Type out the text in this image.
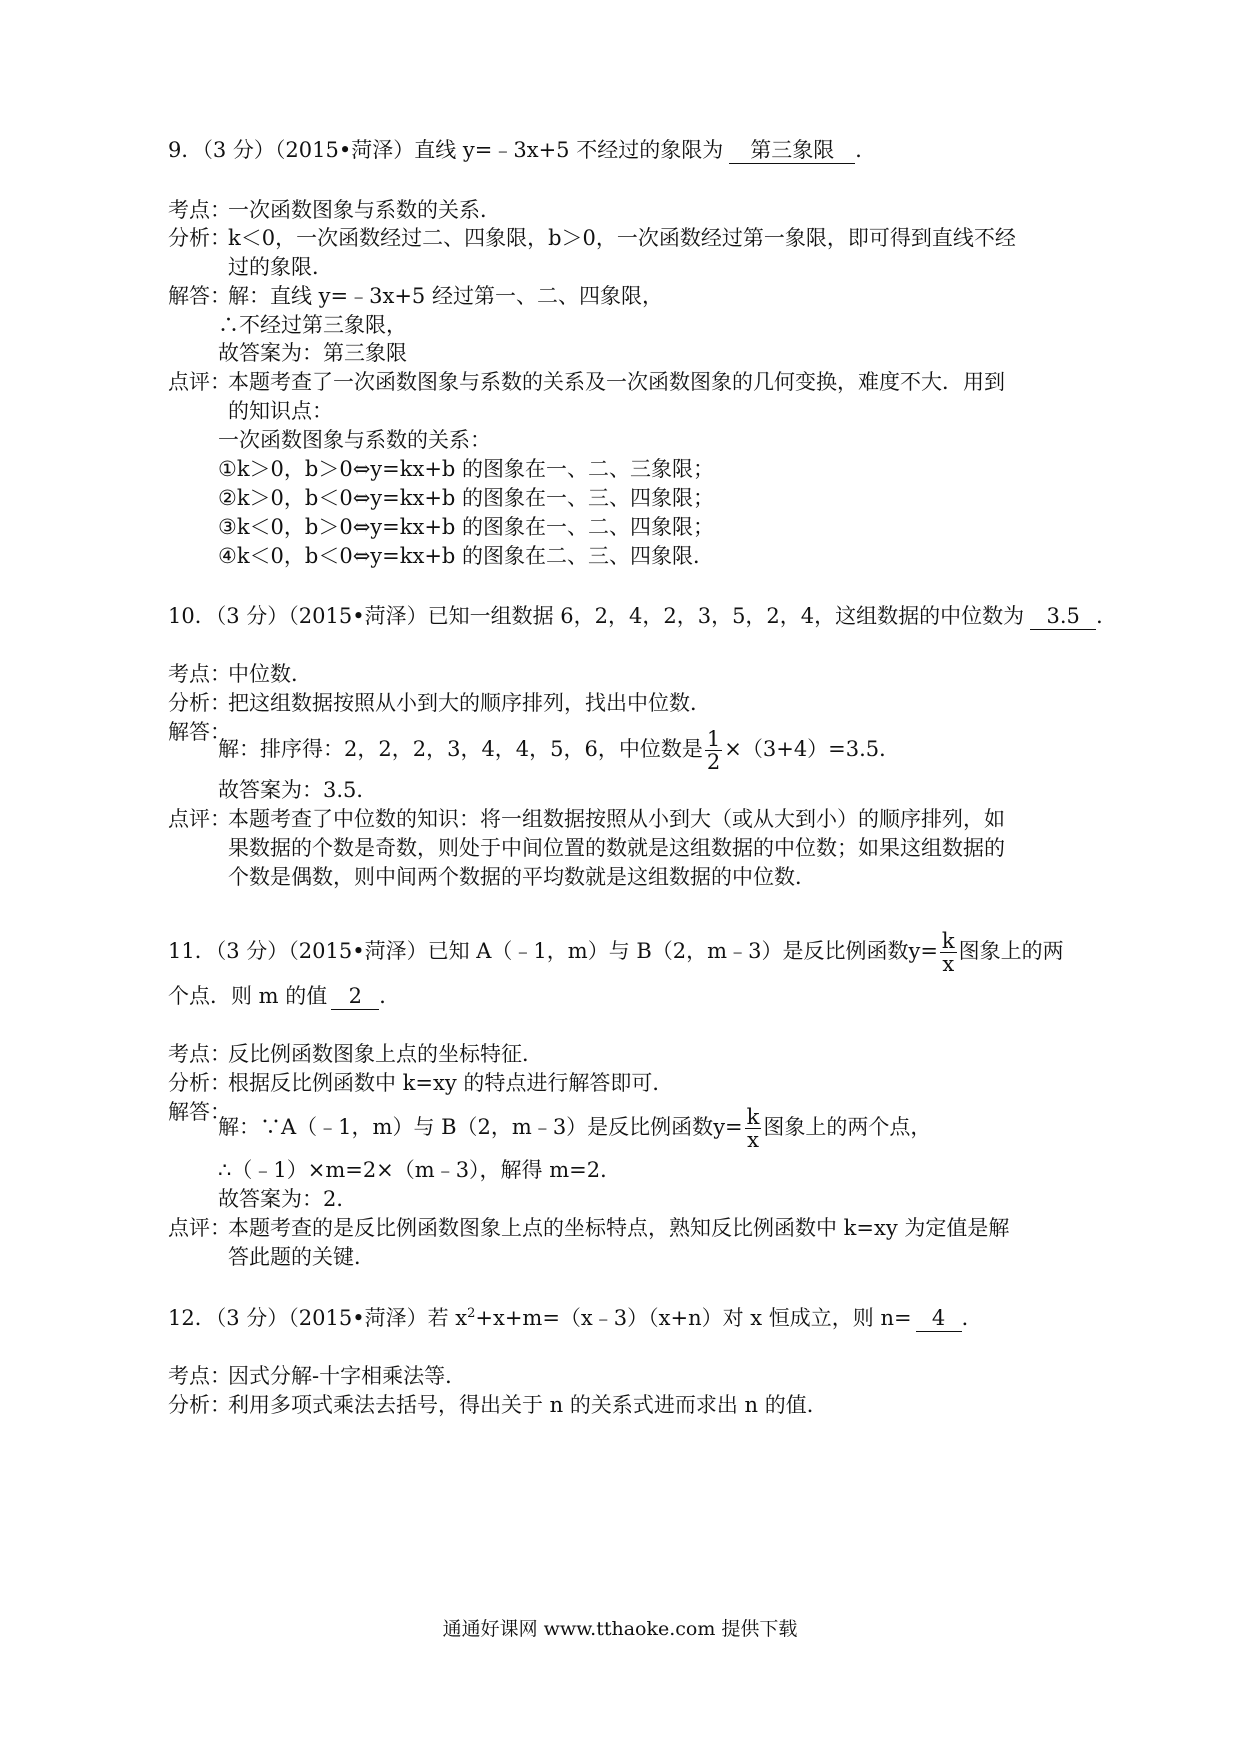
9．（3 分）（2015•菏泽）直线 y=﹣3x+5 不经过的象限为 第三象限 ．
考点：一次函数图象与系数的关系．
分析：k＜0，一次函数经过二、四象限，b＞0，一次函数经过第一象限，即可得到直线不经
过的象限．
解答：解：直线 y=﹣3x+5 经过第一、二、四象限，
∴不经过第三象限，
故答案为：第三象限
点评：本题考查了一次函数图象与系数的关系及一次函数图象的几何变换，难度不大．用到
的知识点：
一次函数图象与系数的关系：
①k＞0，b＞0⇔y=kx+b 的图象在一、二、三象限；
②k＞0，b＜0⇔y=kx+b 的图象在一、三、四象限；
③k＜0，b＞0⇔y=kx+b 的图象在一、二、四象限；
④k＜0，b＜0⇔y=kx+b 的图象在二、三、四象限．
10．（3 分）（2015•菏泽）已知一组数据 6，2，4，2，3，5，2，4，这组数据的中位数为 3.5 ．
考点：中位数．
分析：把这组数据按照从小到大的顺序排列，找出中位数．
解答：
解：排序得：2，2，2，3，4，4，5，6，中位数是 $\frac{1}{2} \times(3+4)=3.5$．
故答案为：3.5．
点评：本题考查了中位数的知识：将一组数据按照从小到大（或从大到小）的顺序排列，如
果数据的个数是奇数，则处于中间位置的数就是这组数据的中位数；如果这组数据的
个数是偶数，则中间两个数据的平均数就是这组数据的中位数．
11．（3 分）（2015•菏泽）已知 A（﹣1，m）与 B（2，m﹣3）是反比例函数$y= \frac{k}{x}$ 图象上的两
个点．则 m 的值 2 ．
考点：反比例函数图象上点的坐标特征．
分析：根据反比例函数中 k=xy 的特点进行解答即可．
解答：
解：∵A（﹣1，m）与 B（2，m﹣3）是反比例函数$y= \frac{k}{x}$ 图象上的两个点，
∴（﹣1）×m=2×（m﹣3），解得 m=2．
故答案为：2．
点评：本题考查的是反比例函数图象上点的坐标特点，熟知反比例函数中 k=xy 为定值是解
答此题的关键．
12．（3 分）（2015•菏泽）若 $x^2+x+m=(x﹣3)(x+n)$对 x 恒成立，则 n= 4 ．
考点：因式分解-十字相乘法等．
分析：利用多项式乘法去括号，得出关于 n 的关系式进而求出 n 的值．
通通好课网 www.tthaoke.com 提供下载
